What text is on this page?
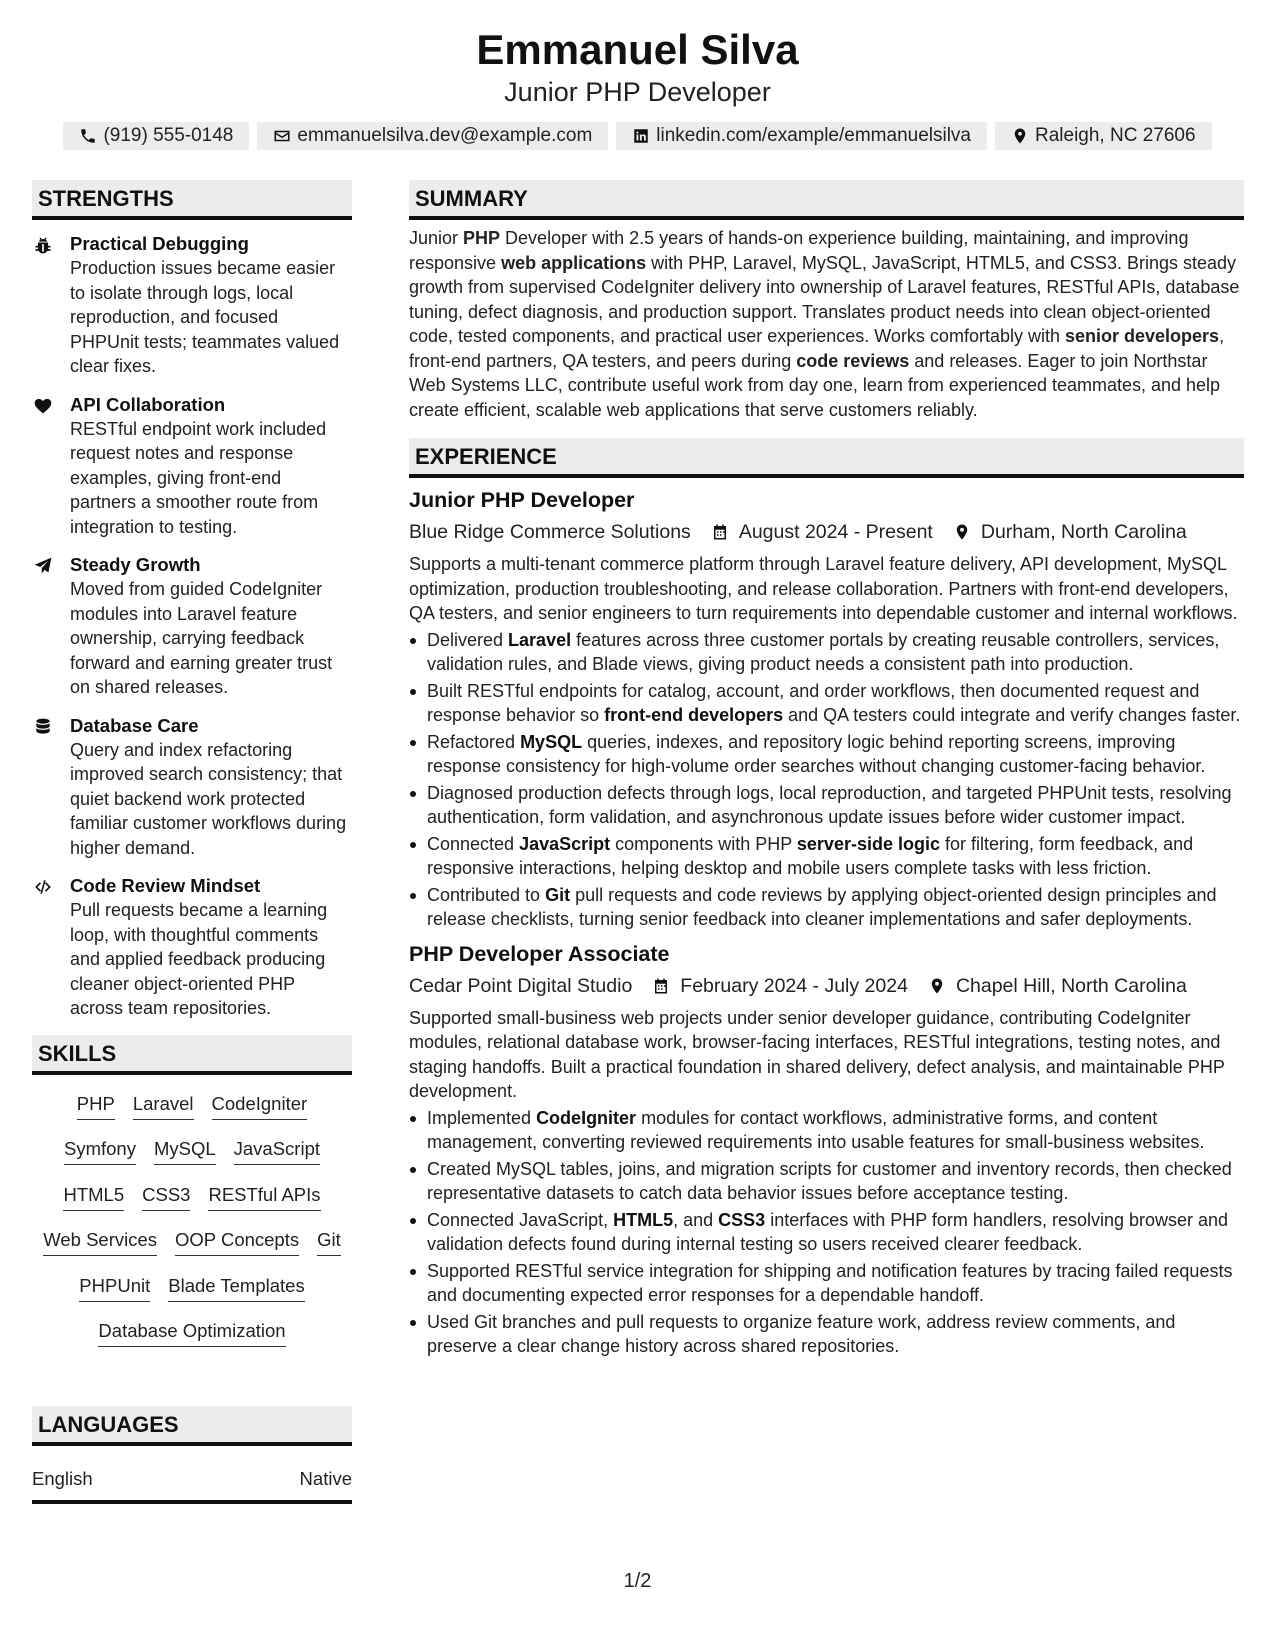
Emmanuel Silva
Junior PHP Developer
(919) 555-0148	emmanuelsilva.dev@example.com	linkedin.com/example/emmanuelsilva	Raleigh, NC 27606
STRENGTHS
Practical Debugging
Production issues became easier to isolate through logs, local reproduction, and focused PHPUnit tests; teammates valued clear fixes.
API Collaboration
RESTful endpoint work included request notes and response examples, giving front-end partners a smoother route from integration to testing.
Steady Growth
Moved from guided CodeIgniter modules into Laravel feature ownership, carrying feedback forward and earning greater trust on shared releases.
Database Care
Query and index refactoring improved search consistency; that quiet backend work protected familiar customer workflows during higher demand.
Code Review Mindset
Pull requests became a learning loop, with thoughtful comments and applied feedback producing cleaner object-oriented PHP across team repositories.
SKILLS
PHP Laravel CodeIgniter
Symfony MySQL JavaScript
HTML5 CSS3 RESTful APIs
Web Services OOP Concepts Git
PHPUnit Blade Templates
Database Optimization
LANGUAGES
English	Native
SUMMARY
Junior PHP Developer with 2.5 years of hands-on experience building, maintaining, and improving responsive web applications with PHP, Laravel, MySQL, JavaScript, HTML5, and CSS3. Brings steady growth from supervised CodeIgniter delivery into ownership of Laravel features, RESTful APIs, database tuning, defect diagnosis, and production support. Translates product needs into clean object-oriented code, tested components, and practical user experiences. Works comfortably with senior developers, front-end partners, QA testers, and peers during code reviews and releases. Eager to join Northstar Web Systems LLC, contribute useful work from day one, learn from experienced teammates, and help create efficient, scalable web applications that serve customers reliably.
EXPERIENCE
Junior PHP Developer
Blue Ridge Commerce Solutions August 2024 - Present Durham, North Carolina
Supports a multi-tenant commerce platform through Laravel feature delivery, API development, MySQL optimization, production troubleshooting, and release collaboration. Partners with front-end developers, QA testers, and senior engineers to turn requirements into dependable customer and internal workflows.
Delivered Laravel features across three customer portals by creating reusable controllers, services, validation rules, and Blade views, giving product needs a consistent path into production.
Built RESTful endpoints for catalog, account, and order workflows, then documented request and response behavior so front-end developers and QA testers could integrate and verify changes faster.
Refactored MySQL queries, indexes, and repository logic behind reporting screens, improving response consistency for high-volume order searches without changing customer-facing behavior.
Diagnosed production defects through logs, local reproduction, and targeted PHPUnit tests, resolving authentication, form validation, and asynchronous update issues before wider customer impact.
Connected JavaScript components with PHP server-side logic for filtering, form feedback, and responsive interactions, helping desktop and mobile users complete tasks with less friction.
Contributed to Git pull requests and code reviews by applying object-oriented design principles and release checklists, turning senior feedback into cleaner implementations and safer deployments.
PHP Developer Associate
Cedar Point Digital Studio February 2024 - July 2024 Chapel Hill, North Carolina
Supported small-business web projects under senior developer guidance, contributing CodeIgniter modules, relational database work, browser-facing interfaces, RESTful integrations, testing notes, and staging handoffs. Built a practical foundation in shared delivery, defect analysis, and maintainable PHP development.
Implemented CodeIgniter modules for contact workflows, administrative forms, and content management, converting reviewed requirements into usable features for small-business websites.
Created MySQL tables, joins, and migration scripts for customer and inventory records, then checked representative datasets to catch data behavior issues before acceptance testing.
Connected JavaScript, HTML5, and CSS3 interfaces with PHP form handlers, resolving browser and validation defects found during internal testing so users received clearer feedback.
Supported RESTful service integration for shipping and notification features by tracing failed requests and documenting expected error responses for a dependable handoff.
Used Git branches and pull requests to organize feature work, address review comments, and preserve a clear change history across shared repositories.
1/2
